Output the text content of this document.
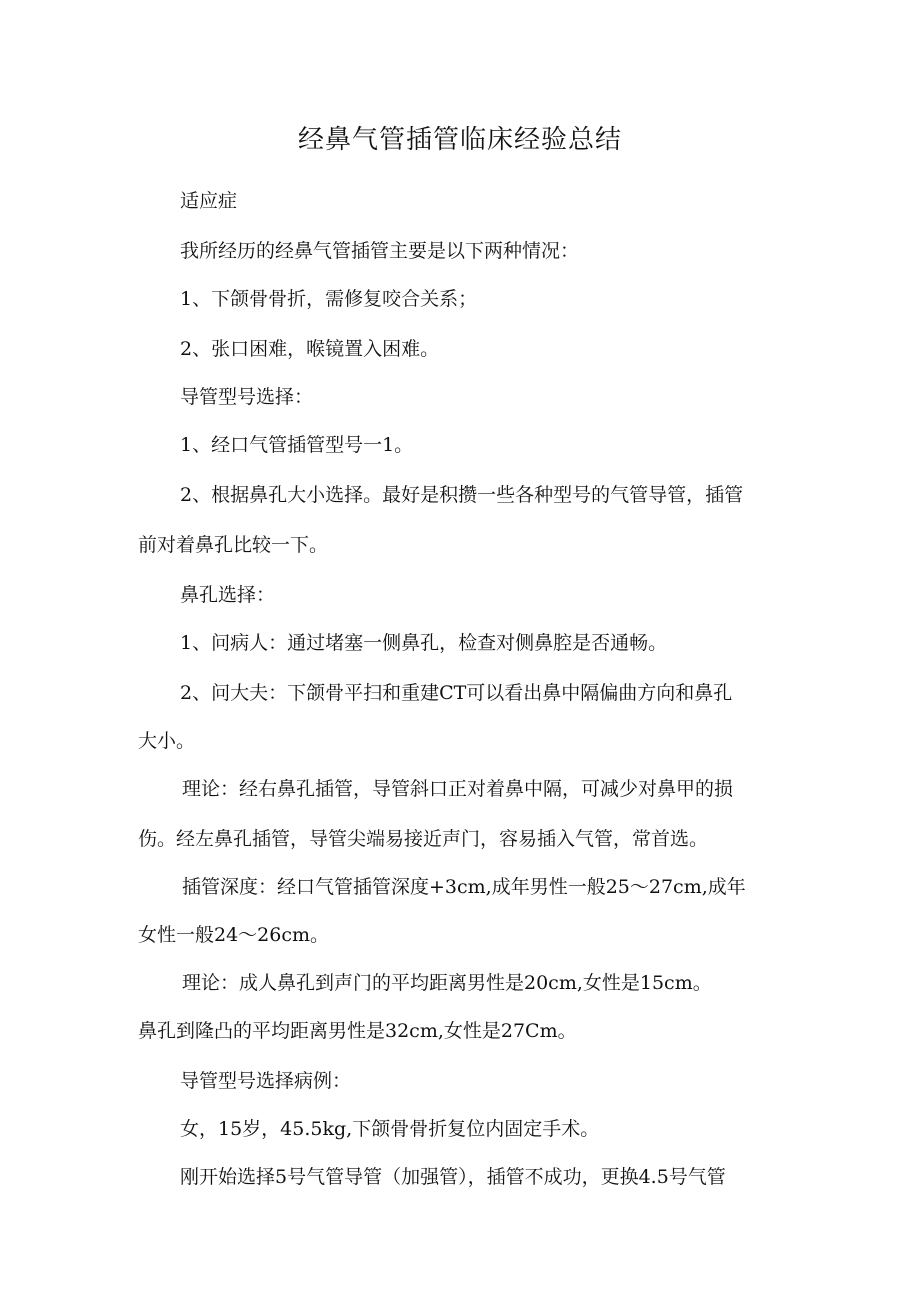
经鼻气管插管临床经验总结

适应症

我所经历的经鼻气管插管主要是以下两种情况：

1、下颌骨骨折，需修复咬合关系；

2、张口困难，喉镜置入困难。

导管型号选择：

1、经口气管插管型号一1。

2、根据鼻孔大小选择。最好是积攒一些各种型号的气管导管，插管

前对着鼻孔比较一下。

鼻孔选择：

1、问病人：通过堵塞一侧鼻孔，检查对侧鼻腔是否通畅。

2、问大夫：下颌骨平扫和重建CT可以看出鼻中隔偏曲方向和鼻孔

大小。

理论：经右鼻孔插管，导管斜口正对着鼻中隔，可减少对鼻甲的损

伤。经左鼻孔插管，导管尖端易接近声门，容易插入气管，常首选。

插管深度：经口气管插管深度+3cm,成年男性一般25～27cm,成年

女性一般24～26cm。

理论：成人鼻孔到声门的平均距离男性是20cm,女性是15cm。

鼻孔到隆凸的平均距离男性是32cm,女性是27Cm。

导管型号选择病例：

女，15岁，45.5kg,下颌骨骨折复位内固定手术。

刚开始选择5号气管导管（加强管），插管不成功，更换4.5号气管
